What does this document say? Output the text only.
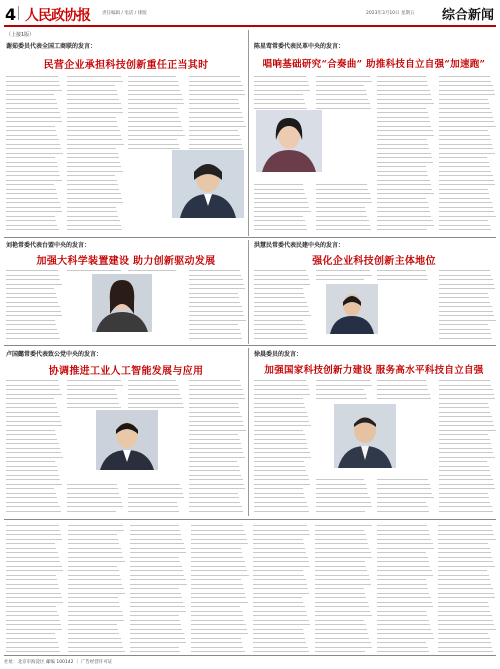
4 人民政协报	责任编辑 / 电话 / 排版	2023年3月10日 星期五	综合新闻
（上接1版）
谢茹委员代表全国工商联的发言：
民营企业承担科技创新重任正当其时
陈星莺常委代表民革中央的发言：
唱响基础研究“合奏曲” 助推科技自立自强“加速跑”
刘艳常委代表台盟中央的发言：
加强大科学装置建设 助力创新驱动发展
洪慧民常委代表民建中央的发言：
强化企业科技创新主体地位
卢国懿常委代表致公党中央的发言：
协调推进工业人工智能发展与应用
徐晨委员的发言：
加强国家科技创新力建设 服务高水平科技自立自强
社址：北京市海淀区 邮编 100142 ｜ 广告经营许可证
